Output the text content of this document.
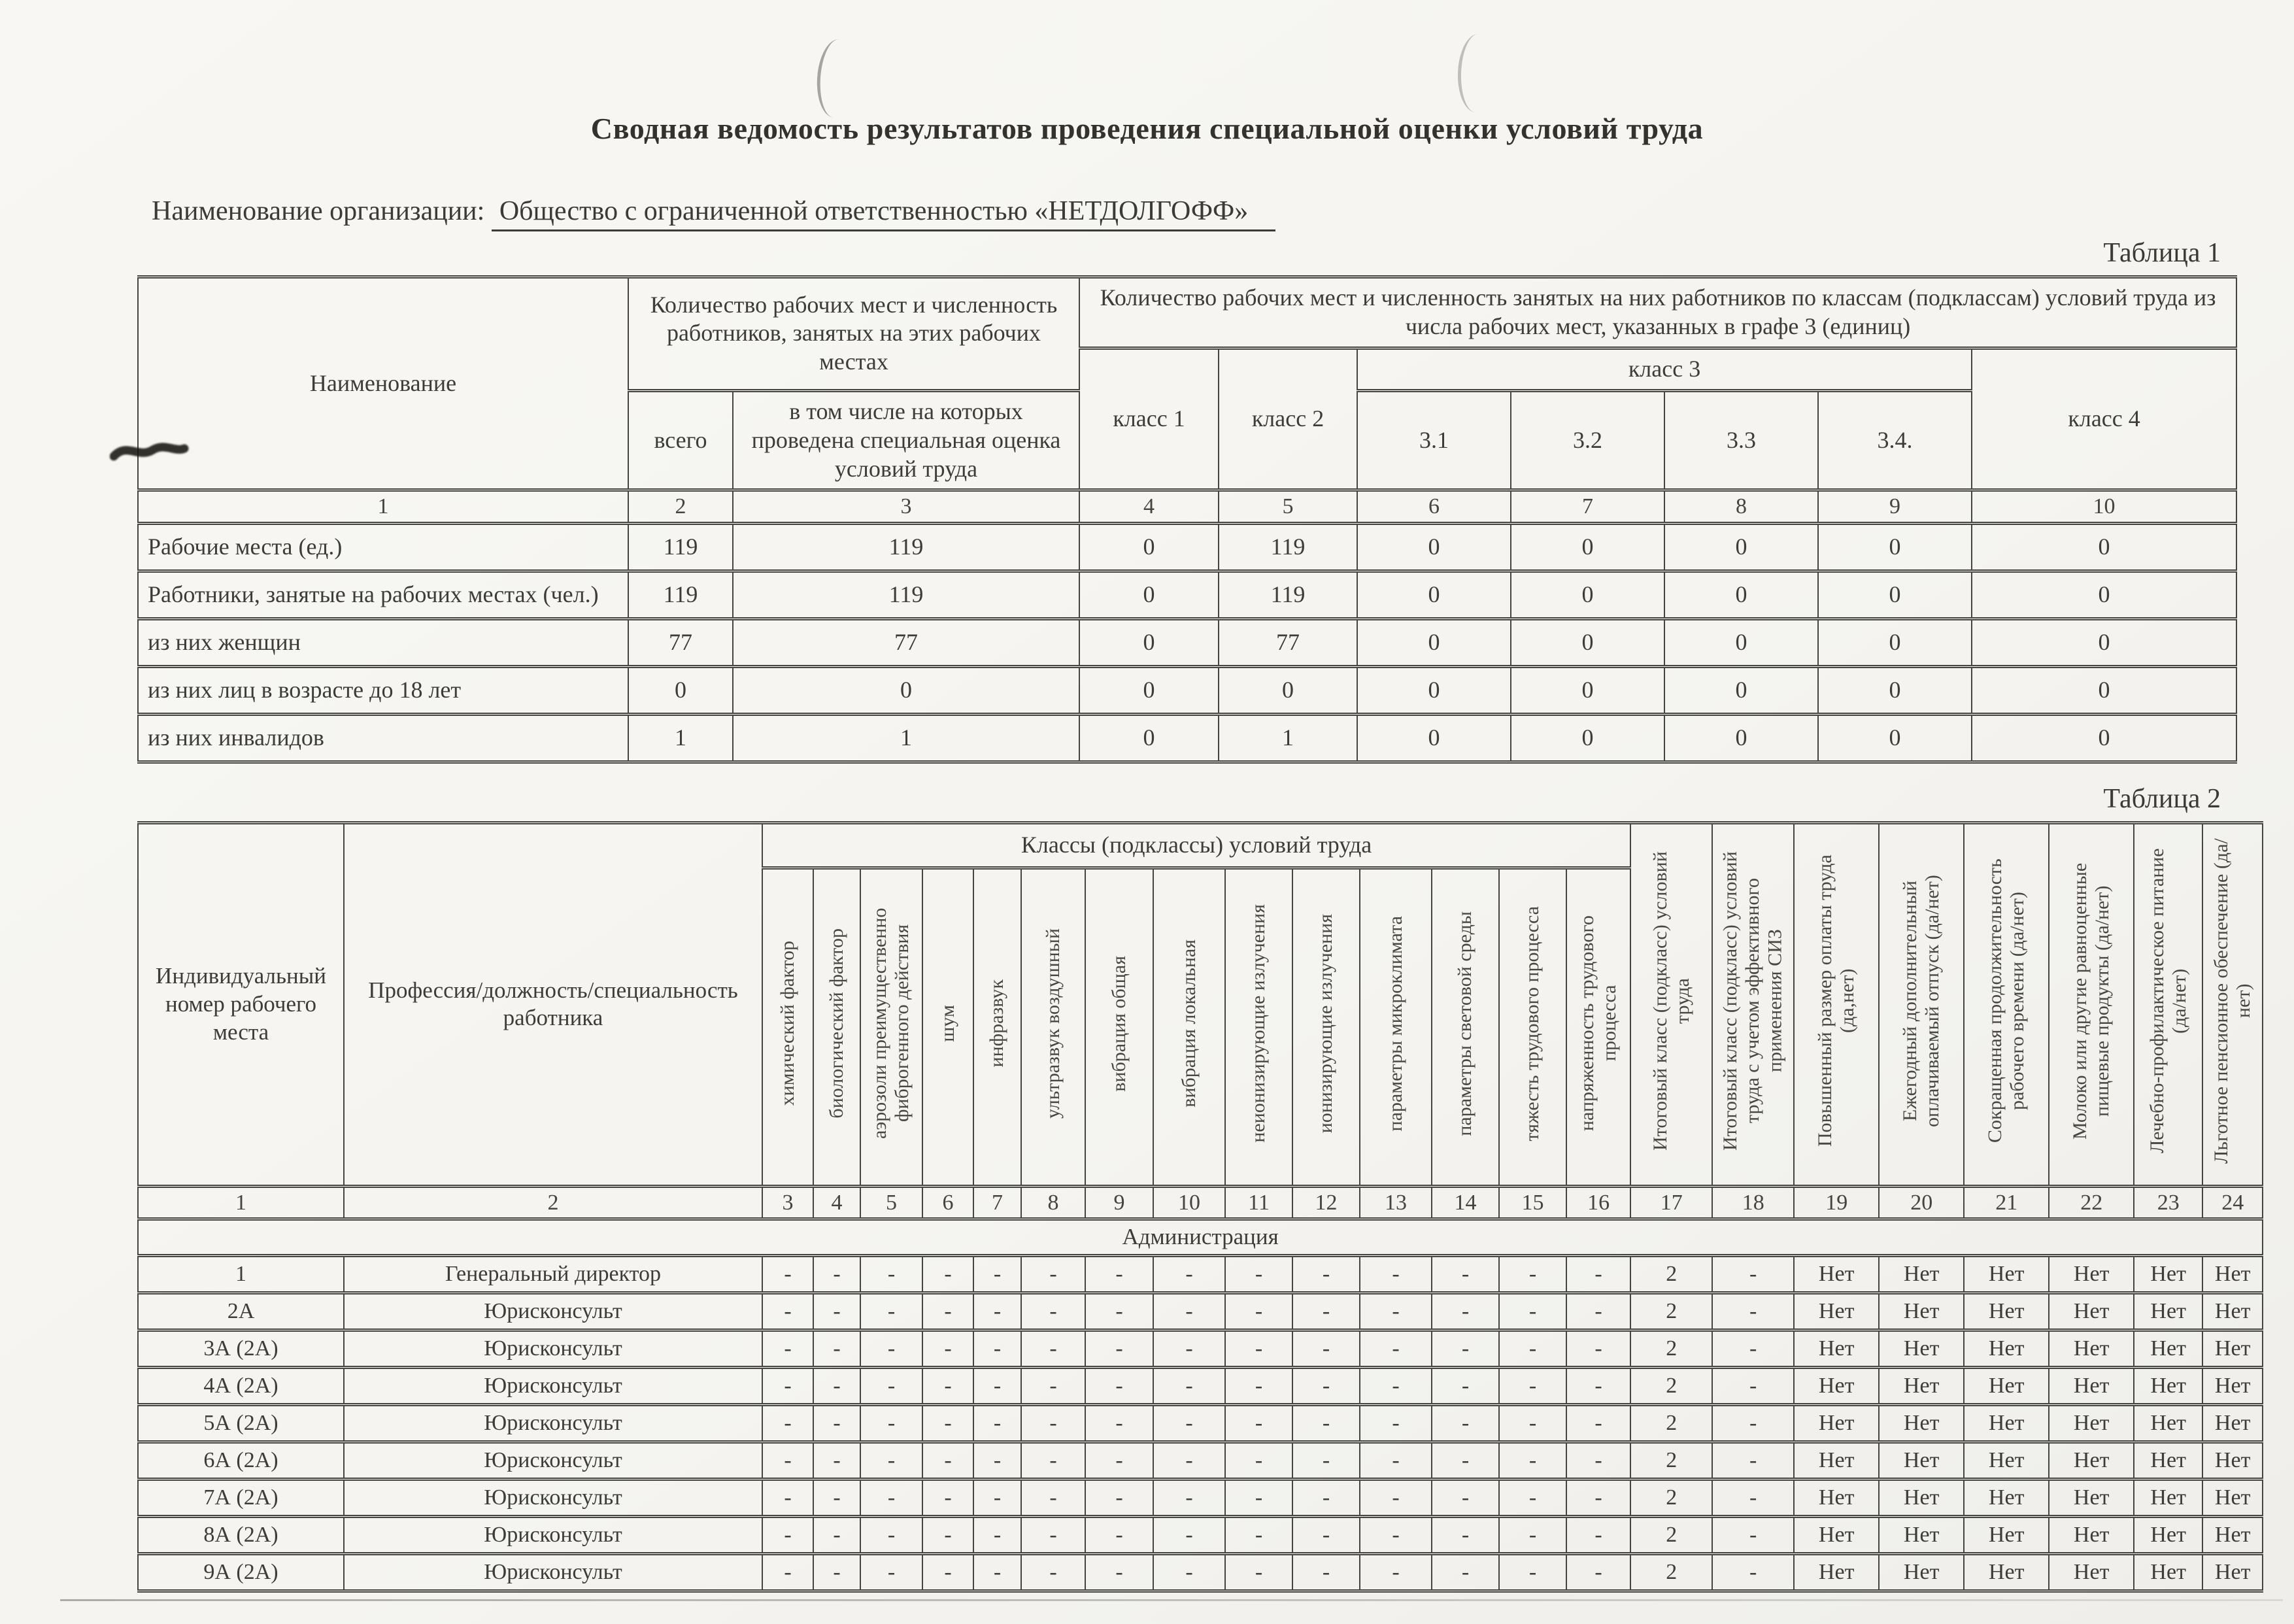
Сводная ведомость результатов проведения специальной оценки условий труда
Наименование организации: Общество с ограниченной ответственностью «НЕТДОЛГОФФ»
Таблица 1
Наименование	Количество рабочих мест и численность работников, занятых на этих рабочих местах		Количество рабочих мест и численность занятых на них работников по классам (подклассам) условий труда из числа рабочих мест, указанных в графе 3 (единиц)						
			класс 1	класс 2	класс 3				класс 4
	всего	в том числе на которых проведена специальная оценка условий труда			3.1	3.2	3.3	3.4.	
1	2	3	4	5	6	7	8	9	10
Рабочие места (ед.)	119	119	0	119	0	0	0	0	0
Работники, занятые на рабочих местах (чел.)	119	119	0	119	0	0	0	0	0
из них женщин	77	77	0	77	0	0	0	0	0
из них лиц в возрасте до 18 лет	0	0	0	0	0	0	0	0	0
из них инвалидов	1	1	0	1	0	0	0	0	0
Таблица 2
Индивидуальный номер рабочего места	Профессия/должность/специальность работника	Классы (подклассы) условий труда														Итоговый класс (подкласс) условий труда	Итоговый класс (подкласс) условий труда с учетом эффективного применения СИЗ	Повышенный размер оплаты труда (да,нет)	Ежегодный дополнительный оплачиваемый отпуск (да/нет)	Сокращенная продолжительность рабочего времени (да/нет)	Молоко или другие равноценные пищевые продукты (да/нет)	Лечебно-профилактическое питание (да/нет)	Льготное пенсионное обеспечение (да/нет)
		химический фактор	биологический фактор	аэрозоли преимущественно фиброгенного действия	шум	инфразвук	ультразвук воздушный	вибрация общая	вибрация локальная	неионизирующие излучения	ионизирующие излучения	параметры микроклимата	параметры световой среды	тяжесть трудового процесса	напряженность трудового процесса								
1	2	3	4	5	6	7	8	9	10	11	12	13	14	15	16	17	18	19	20	21	22	23	24
Администрация																							
1	Генеральный директор	-	-	-	-	-	-	-	-	-	-	-	-	-	-	2	-	Нет	Нет	Нет	Нет	Нет	Нет
2А	Юрисконсульт	-	-	-	-	-	-	-	-	-	-	-	-	-	-	2	-	Нет	Нет	Нет	Нет	Нет	Нет
3А (2А)	Юрисконсульт	-	-	-	-	-	-	-	-	-	-	-	-	-	-	2	-	Нет	Нет	Нет	Нет	Нет	Нет
4А (2А)	Юрисконсульт	-	-	-	-	-	-	-	-	-	-	-	-	-	-	2	-	Нет	Нет	Нет	Нет	Нет	Нет
5А (2А)	Юрисконсульт	-	-	-	-	-	-	-	-	-	-	-	-	-	-	2	-	Нет	Нет	Нет	Нет	Нет	Нет
6А (2А)	Юрисконсульт	-	-	-	-	-	-	-	-	-	-	-	-	-	-	2	-	Нет	Нет	Нет	Нет	Нет	Нет
7А (2А)	Юрисконсульт	-	-	-	-	-	-	-	-	-	-	-	-	-	-	2	-	Нет	Нет	Нет	Нет	Нет	Нет
8А (2А)	Юрисконсульт	-	-	-	-	-	-	-	-	-	-	-	-	-	-	2	-	Нет	Нет	Нет	Нет	Нет	Нет
9А (2А)	Юрисконсульт	-	-	-	-	-	-	-	-	-	-	-	-	-	-	2	-	Нет	Нет	Нет	Нет	Нет	Нет
